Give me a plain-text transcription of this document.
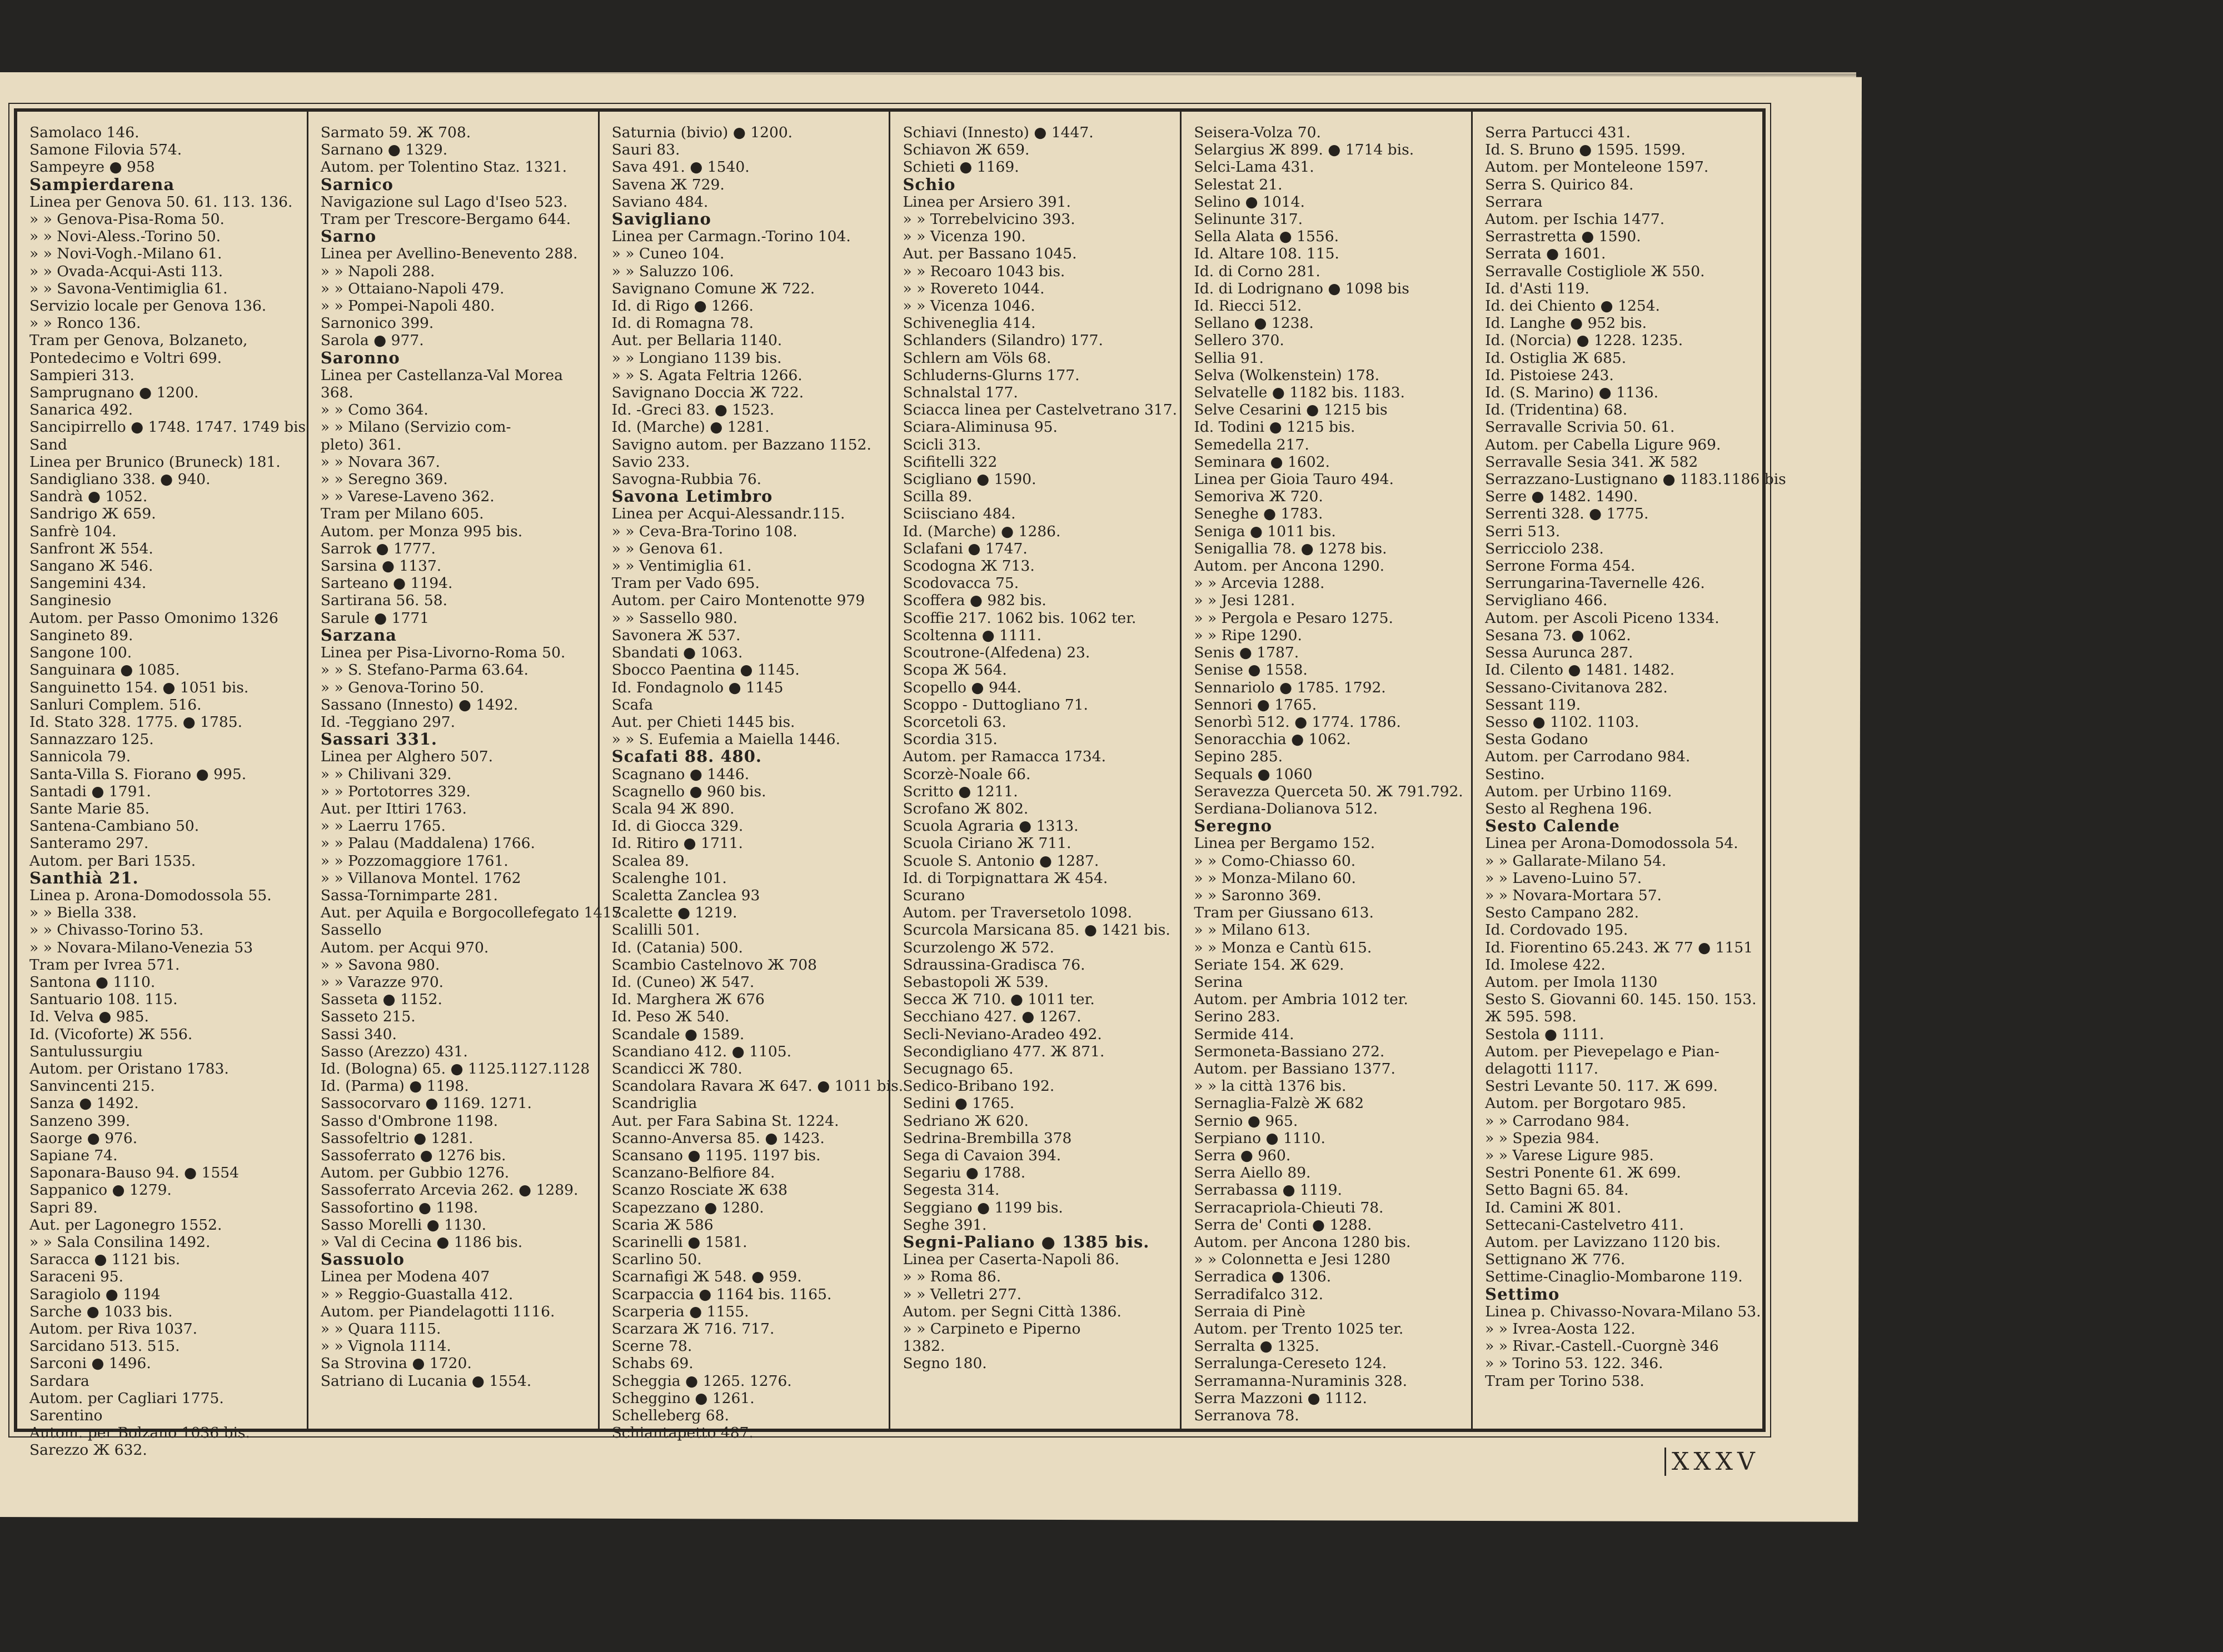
Samolaco 146.
Samone Filovia 574.
Sampeyre ● 958
Sampierdarena
Linea per Genova 50. 61. 113. 136.
» » Genova-Pisa-Roma 50.
» » Novi-Aless.-Torino 50.
» » Novi-Vogh.-Milano 61.
» » Ovada-Acqui-Asti 113.
» » Savona-Ventimiglia 61.
Servizio locale per Genova 136.
» » Ronco 136.
Tram per Genova, Bolzaneto,
Pontedecimo e Voltri 699.
Sampieri 313.
Samprugnano ● 1200.
Sanarica 492.
Sancipirrello ● 1748. 1747. 1749 bis
Sand
Linea per Brunico (Bruneck) 181.
Sandigliano 338. ● 940.
Sandrà ● 1052.
Sandrigo Ж 659.
Sanfrè 104.
Sanfront Ж 554.
Sangano Ж 546.
Sangemini 434.
Sanginesio
Autom. per Passo Omonimo 1326
Sangineto 89.
Sangone 100.
Sanguinara ● 1085.
Sanguinetto 154. ● 1051 bis.
Sanluri Complem. 516.
Id. Stato 328. 1775. ● 1785.
Sannazzaro 125.
Sannicola 79.
Santa-Villa S. Fiorano ● 995.
Santadi ● 1791.
Sante Marie 85.
Santena-Cambiano 50.
Santeramo 297.
Autom. per Bari 1535.
Santhià 21.
Linea p. Arona-Domodossola 55.
» » Biella 338.
» » Chivasso-Torino 53.
» » Novara-Milano-Venezia 53
Tram per Ivrea 571.
Santona ● 1110.
Santuario 108. 115.
Id. Velva ● 985.
Id. (Vicoforte) Ж 556.
Santulussurgiu
Autom. per Oristano 1783.
Sanvincenti 215.
Sanza ● 1492.
Sanzeno 399.
Saorge ● 976.
Sapiane 74.
Saponara-Bauso 94. ● 1554
Sappanico ● 1279.
Sapri 89.
Aut. per Lagonegro 1552.
» » Sala Consilina 1492.
Saracca ● 1121 bis.
Saraceni 95.
Saragiolo ● 1194
Sarche ● 1033 bis.
Autom. per Riva 1037.
Sarcidano 513. 515.
Sarconi ● 1496.
Sardara
Autom. per Cagliari 1775.
Sarentino
Autom. per Bolzano 1036 bis.
Sarezzo Ж 632.
Sarmato 59. Ж 708.
Sarnano ● 1329.
Autom. per Tolentino Staz. 1321.
Sarnico
Navigazione sul Lago d'Iseo 523.
Tram per Trescore-Bergamo 644.
Sarno
Linea per Avellino-Benevento 288.
» » Napoli 288.
» » Ottaiano-Napoli 479.
» » Pompei-Napoli 480.
Sarnonico 399.
Sarola ● 977.
Saronno
Linea per Castellanza-Val Morea
368.
» » Como 364.
» » Milano (Servizio com-
pleto) 361.
» » Novara 367.
» » Seregno 369.
» » Varese-Laveno 362.
Tram per Milano 605.
Autom. per Monza 995 bis.
Sarrok ● 1777.
Sarsina ● 1137.
Sarteano ● 1194.
Sartirana 56. 58.
Sarule ● 1771
Sarzana
Linea per Pisa-Livorno-Roma 50.
» » S. Stefano-Parma 63.64.
» » Genova-Torino 50.
Sassano (Innesto) ● 1492.
Id. -Teggiano 297.
Sassari 331.
Linea per Alghero 507.
» » Chilivani 329.
» » Portotorres 329.
Aut. per Ittiri 1763.
» » Laerru 1765.
» » Palau (Maddalena) 1766.
» » Pozzomaggiore 1761.
» » Villanova Montel. 1762
Sassa-Tornimparte 281.
Aut. per Aquila e Borgocollefegato 1417
Sassello
Autom. per Acqui 970.
» » Savona 980.
» » Varazze 970.
Sasseta ● 1152.
Sasseto 215.
Sassi 340.
Sasso (Arezzo) 431.
Id. (Bologna) 65. ● 1125.1127.1128
Id. (Parma) ● 1198.
Sassocorvaro ● 1169. 1271.
Sasso d'Ombrone 1198.
Sassofeltrio ● 1281.
Sassoferrato ● 1276 bis.
Autom. per Gubbio 1276.
Sassoferrato Arcevia 262. ● 1289.
Sassofortino ● 1198.
Sasso Morelli ● 1130.
» Val di Cecina ● 1186 bis.
Sassuolo
Linea per Modena 407
» » Reggio-Guastalla 412.
Autom. per Piandelagotti 1116.
» » Quara 1115.
» » Vignola 1114.
Sa Strovina ● 1720.
Satriano di Lucania ● 1554.
Saturnia (bivio) ● 1200.
Sauri 83.
Sava 491. ● 1540.
Savena Ж 729.
Saviano 484.
Savigliano
Linea per Carmagn.-Torino 104.
» » Cuneo 104.
» » Saluzzo 106.
Savignano Comune Ж 722.
Id. di Rigo ● 1266.
Id. di Romagna 78.
Aut. per Bellaria 1140.
» » Longiano 1139 bis.
» » S. Agata Feltria 1266.
Savignano Doccia Ж 722.
Id. -Greci 83. ● 1523.
Id. (Marche) ● 1281.
Savigno autom. per Bazzano 1152.
Savio 233.
Savogna-Rubbia 76.
Savona Letimbro
Linea per Acqui-Alessandr.115.
» » Ceva-Bra-Torino 108.
» » Genova 61.
» » Ventimiglia 61.
Tram per Vado 695.
Autom. per Cairo Montenotte 979
» » Sassello 980.
Savonera Ж 537.
Sbandati ● 1063.
Sbocco Paentina ● 1145.
Id. Fondagnolo ● 1145
Scafa
Aut. per Chieti 1445 bis.
» » S. Eufemia a Maiella 1446.
Scafati 88. 480.
Scagnano ● 1446.
Scagnello ● 960 bis.
Scala 94 Ж 890.
Id. di Giocca 329.
Id. Ritiro ● 1711.
Scalea 89.
Scalenghe 101.
Scaletta Zanclea 93
Scalette ● 1219.
Scalilli 501.
Id. (Catania) 500.
Scambio Castelnovo Ж 708
Id. (Cuneo) Ж 547.
Id. Marghera Ж 676
Id. Peso Ж 540.
Scandale ● 1589.
Scandiano 412. ● 1105.
Scandicci Ж 780.
Scandolara Ravara Ж 647. ● 1011 bis.
Scandriglia
Aut. per Fara Sabina St. 1224.
Scanno-Anversa 85. ● 1423.
Scansano ● 1195. 1197 bis.
Scanzano-Belfiore 84.
Scanzo Rosciate Ж 638
Scapezzano ● 1280.
Scaria Ж 586
Scarinelli ● 1581.
Scarlino 50.
Scarnafigi Ж 548. ● 959.
Scarpaccia ● 1164 bis. 1165.
Scarperia ● 1155.
Scarzara Ж 716. 717.
Scerne 78.
Schabs 69.
Scheggia ● 1265. 1276.
Scheggino ● 1261.
Schelleberg 68.
Schiantapetto 487.
Schiavi (Innesto) ● 1447.
Schiavon Ж 659.
Schieti ● 1169.
Schio
Linea per Arsiero 391.
» » Torrebelvicino 393.
» » Vicenza 190.
Aut. per Bassano 1045.
» » Recoaro 1043 bis.
» » Rovereto 1044.
» » Vicenza 1046.
Schiveneglia 414.
Schlanders (Silandro) 177.
Schlern am Völs 68.
Schluderns-Glurns 177.
Schnalstal 177.
Sciacca linea per Castelvetrano 317.
Sciara-Aliminusa 95.
Scicli 313.
Scifitelli 322
Scigliano ● 1590.
Scilla 89.
Sciisciano 484.
Id. (Marche) ● 1286.
Sclafani ● 1747.
Scodogna Ж 713.
Scodovacca 75.
Scoffera ● 982 bis.
Scoffie 217. 1062 bis. 1062 ter.
Scoltenna ● 1111.
Scoutrone-(Alfedena) 23.
Scopa Ж 564.
Scopello ● 944.
Scoppo - Duttogliano 71.
Scorcetoli 63.
Scordia 315.
Autom. per Ramacca 1734.
Scorzè-Noale 66.
Scritto ● 1211.
Scrofano Ж 802.
Scuola Agraria ● 1313.
Scuola Ciriano Ж 711.
Scuole S. Antonio ● 1287.
Id. di Torpignattara Ж 454.
Scurano
Autom. per Traversetolo 1098.
Scurcola Marsicana 85. ● 1421 bis.
Scurzolengo Ж 572.
Sdraussina-Gradisca 76.
Sebastopoli Ж 539.
Secca Ж 710. ● 1011 ter.
Secchiano 427. ● 1267.
Secli-Neviano-Aradeo 492.
Secondigliano 477. Ж 871.
Secugnago 65.
Sedico-Bribano 192.
Sedini ● 1765.
Sedriano Ж 620.
Sedrina-Brembilla 378
Sega di Cavaion 394.
Segariu ● 1788.
Segesta 314.
Seggiano ● 1199 bis.
Seghe 391.
Segni-Paliano ● 1385 bis.
Linea per Caserta-Napoli 86.
» » Roma 86.
» » Velletri 277.
Autom. per Segni Città 1386.
» » Carpineto e Piperno
1382.
Segno 180.
Seisera-Volza 70.
Selargius Ж 899. ● 1714 bis.
Selci-Lama 431.
Selestat 21.
Selino ● 1014.
Selinunte 317.
Sella Alata ● 1556.
Id. Altare 108. 115.
Id. di Corno 281.
Id. di Lodrignano ● 1098 bis
Id. Riecci 512.
Sellano ● 1238.
Sellero 370.
Sellia 91.
Selva (Wolkenstein) 178.
Selvatelle ● 1182 bis. 1183.
Selve Cesarini ● 1215 bis
Id. Todini ● 1215 bis.
Semedella 217.
Seminara ● 1602.
Linea per Gioia Tauro 494.
Semoriva Ж 720.
Seneghe ● 1783.
Seniga ● 1011 bis.
Senigallia 78. ● 1278 bis.
Autom. per Ancona 1290.
» » Arcevia 1288.
» » Jesi 1281.
» » Pergola e Pesaro 1275.
» » Ripe 1290.
Senis ● 1787.
Senise ● 1558.
Sennariolo ● 1785. 1792.
Sennori ● 1765.
Senorbì 512. ● 1774. 1786.
Senoracchia ● 1062.
Sepino 285.
Sequals ● 1060
Seravezza Querceta 50. Ж 791.792.
Serdiana-Dolianova 512.
Seregno
Linea per Bergamo 152.
» » Como-Chiasso 60.
» » Monza-Milano 60.
» » Saronno 369.
Tram per Giussano 613.
» » Milano 613.
» » Monza e Cantù 615.
Seriate 154. Ж 629.
Serina
Autom. per Ambria 1012 ter.
Serino 283.
Sermide 414.
Sermoneta-Bassiano 272.
Autom. per Bassiano 1377.
» » la città 1376 bis.
Sernaglia-Falzè Ж 682
Sernio ● 965.
Serpiano ● 1110.
Serra ● 960.
Serra Aiello 89.
Serrabassa ● 1119.
Serracapriola-Chieuti 78.
Serra de' Conti ● 1288.
Autom. per Ancona 1280 bis.
» » Colonnetta e Jesi 1280
Serradica ● 1306.
Serradifalco 312.
Serraia di Pinè
Autom. per Trento 1025 ter.
Serralta ● 1325.
Serralunga-Cereseto 124.
Serramanna-Nuraminis 328.
Serra Mazzoni ● 1112.
Serranova 78.
Serra Partucci 431.
Id. S. Bruno ● 1595. 1599.
Autom. per Monteleone 1597.
Serra S. Quirico 84.
Serrara
Autom. per Ischia 1477.
Serrastretta ● 1590.
Serrata ● 1601.
Serravalle Costigliole Ж 550.
Id. d'Asti 119.
Id. dei Chiento ● 1254.
Id. Langhe ● 952 bis.
Id. (Norcia) ● 1228. 1235.
Id. Ostiglia Ж 685.
Id. Pistoiese 243.
Id. (S. Marino) ● 1136.
Id. (Tridentina) 68.
Serravalle Scrivia 50. 61.
Autom. per Cabella Ligure 969.
Serravalle Sesia 341. Ж 582
Serrazzano-Lustignano ● 1183.1186 bis
Serre ● 1482. 1490.
Serrenti 328. ● 1775.
Serri 513.
Serricciolo 238.
Serrone Forma 454.
Serrungarina-Tavernelle 426.
Servigliano 466.
Autom. per Ascoli Piceno 1334.
Sesana 73. ● 1062.
Sessa Aurunca 287.
Id. Cilento ● 1481. 1482.
Sessano-Civitanova 282.
Sessant 119.
Sesso ● 1102. 1103.
Sesta Godano
Autom. per Carrodano 984.
Sestino.
Autom. per Urbino 1169.
Sesto al Reghena 196.
Sesto Calende
Linea per Arona-Domodossola 54.
» » Gallarate-Milano 54.
» » Laveno-Luino 57.
» » Novara-Mortara 57.
Sesto Campano 282.
Id. Cordovado 195.
Id. Fiorentino 65.243. Ж 77 ● 1151
Id. Imolese 422.
Autom. per Imola 1130
Sesto S. Giovanni 60. 145. 150. 153.
Ж 595. 598.
Sestola ● 1111.
Autom. per Pievepelago e Pian-
delagotti 1117.
Sestri Levante 50. 117. Ж 699.
Autom. per Borgotaro 985.
» » Carrodano 984.
» » Spezia 984.
» » Varese Ligure 985.
Sestri Ponente 61. Ж 699.
Setto Bagni 65. 84.
Id. Camini Ж 801.
Settecani-Castelvetro 411.
Autom. per Lavizzano 1120 bis.
Settignano Ж 776.
Settime-Cinaglio-Mombarone 119.
Settimo
Linea p. Chivasso-Novara-Milano 53.
» » Ivrea-Aosta 122.
» » Rivar.-Castell.-Cuorgnè 346
» » Torino 53. 122. 346.
Tram per Torino 538.
XXXV
